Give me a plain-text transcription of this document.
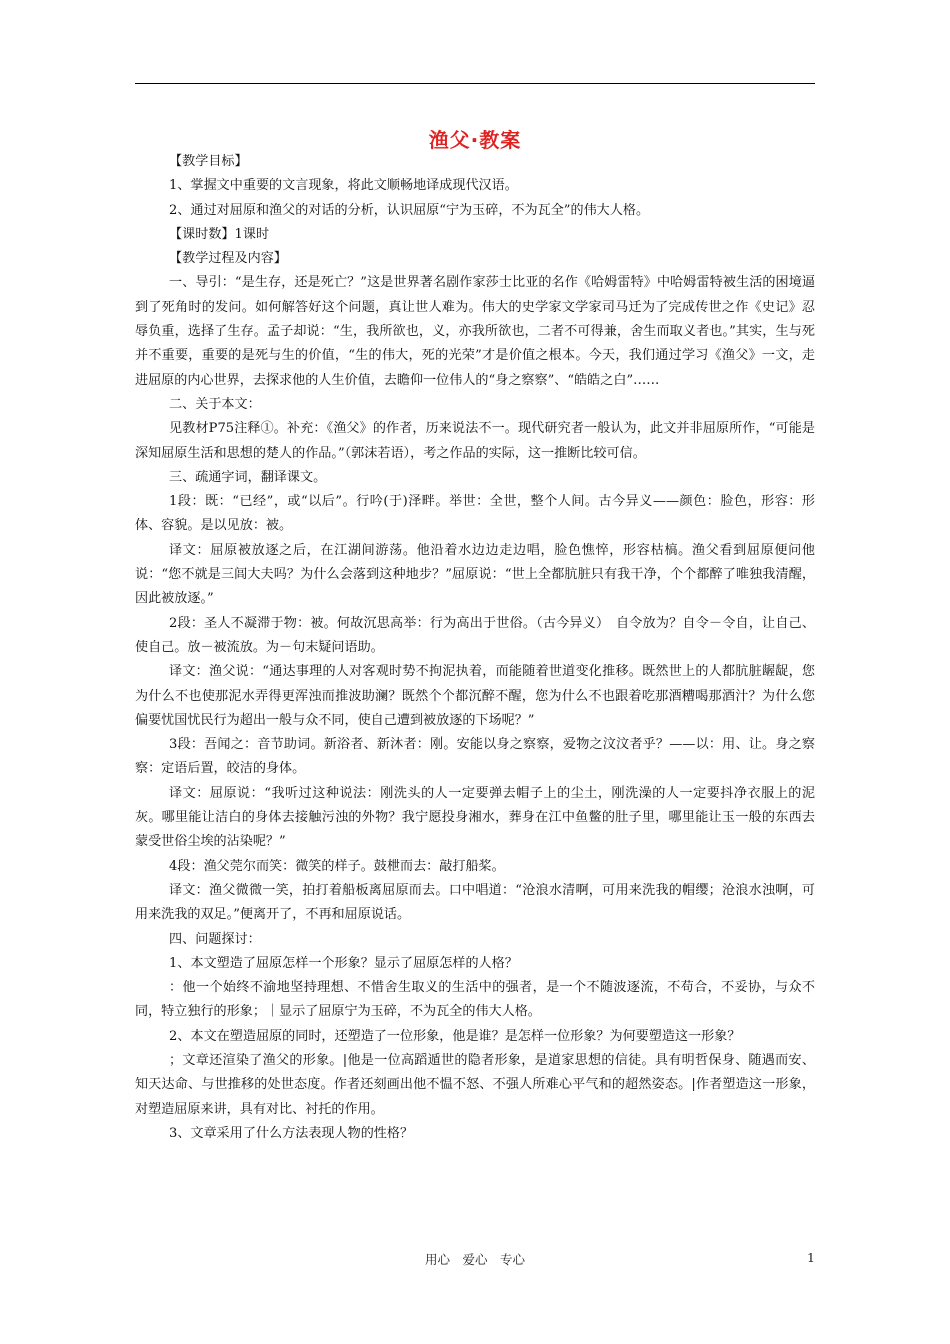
渔父·教案

【教学目标】

1、掌握文中重要的文言现象，将此文顺畅地译成现代汉语。

2、通过对屈原和渔父的对话的分析，认识屈原“宁为玉碎，不为瓦全”的伟大人格。

【课时数】1课时

【教学过程及内容】

一、导引：“是生存，还是死亡？”这是世界著名剧作家莎士比亚的名作《哈姆雷特》中哈姆雷特被生活的困境逼到了死角时的发问。如何解答好这个问题，真让世人难为。伟大的史学家文学家司马迁为了完成传世之作《史记》忍辱负重，选择了生存。孟子却说：“生，我所欲也，义，亦我所欲也，二者不可得兼，舍生而取义者也。”其实，生与死并不重要，重要的是死与生的价值，“生的伟大，死的光荣”才是价值之根本。今天，我们通过学习《渔父》一文，走进屈原的内心世界，去探求他的人生价值，去瞻仰一位伟人的“身之察察”、“皓皓之白”……

二、关于本文：

见教材P75注释①。补充：《渔父》的作者，历来说法不一。现代研究者一般认为，此文并非屈原所作，“可能是深知屈原生活和思想的楚人的作品。”（郭沫若语），考之作品的实际，这一推断比较可信。

三、疏通字词，翻译课文。

1段：既：“已经”，或“以后”。行吟(于)泽畔。举世：全世，整个人间。古今异义——颜色：脸色，形容：形体、容貌。是以见放：被。

译文：屈原被放逐之后，在江湖间游荡。他沿着水边边走边唱，脸色憔悴，形容枯槁。渔父看到屈原便问他说：“您不就是三闾大夫吗？为什么会落到这种地步？”屈原说：“世上全都肮脏只有我干净，个个都醉了唯独我清醒，因此被放逐。”

2段：圣人不凝滞于物：被。何故沉思高举：行为高出于世俗。（古今异义）　自令放为？自令－令自，让自己、使自己。放－被流放。为－句末疑问语助。

译文：渔父说：“通达事理的人对客观时势不拘泥执着，而能随着世道变化推移。既然世上的人都肮脏龌龊，您为什么不也使那泥水弄得更浑浊而推波助澜？既然个个都沉醉不醒，您为什么不也跟着吃那酒糟喝那酒汁？为什么您偏要忧国忧民行为超出一般与众不同，使自己遭到被放逐的下场呢？”

3段：吾闻之：音节助词。新浴者、新沐者：刚。安能以身之察察，爱物之汶汶者乎？——以：用、让。身之察察：定语后置，皎洁的身体。

译文：屈原说：“我听过这种说法：刚洗头的人一定要弹去帽子上的尘土，刚洗澡的人一定要抖净衣服上的泥灰。哪里能让洁白的身体去接触污浊的外物？我宁愿投身湘水，葬身在江中鱼鳖的肚子里，哪里能让玉一般的东西去蒙受世俗尘埃的沾染呢？”

4段：渔父莞尔而笑：微笑的样子。鼓枻而去：敲打船桨。

译文：渔父微微一笑，拍打着船板离屈原而去。口中唱道：“沧浪水清啊，可用来洗我的帽缨；沧浪水浊啊，可用来洗我的双足。”便离开了，不再和屈原说话。

四、问题探讨：

1、本文塑造了屈原怎样一个形象？显示了屈原怎样的人格？

：他一个始终不渝地坚持理想、不惜舍生取义的生活中的强者，是一个不随波逐流，不苟合，不妥协，与众不同，特立独行的形象；｜显示了屈原宁为玉碎，不为瓦全的伟大人格。

2、本文在塑造屈原的同时，还塑造了一位形象，他是谁？是怎样一位形象？为何要塑造这一形象？

；文章还渲染了渔父的形象。|他是一位高蹈遁世的隐者形象，是道家思想的信徒。具有明哲保身、随遇而安、知天达命、与世推移的处世态度。作者还刻画出他不愠不怒、不强人所难心平气和的超然姿态。|作者塑造这一形象，对塑造屈原来讲，具有对比、衬托的作用。

3、文章采用了什么方法表现人物的性格？

用心　爱心　专心	1
